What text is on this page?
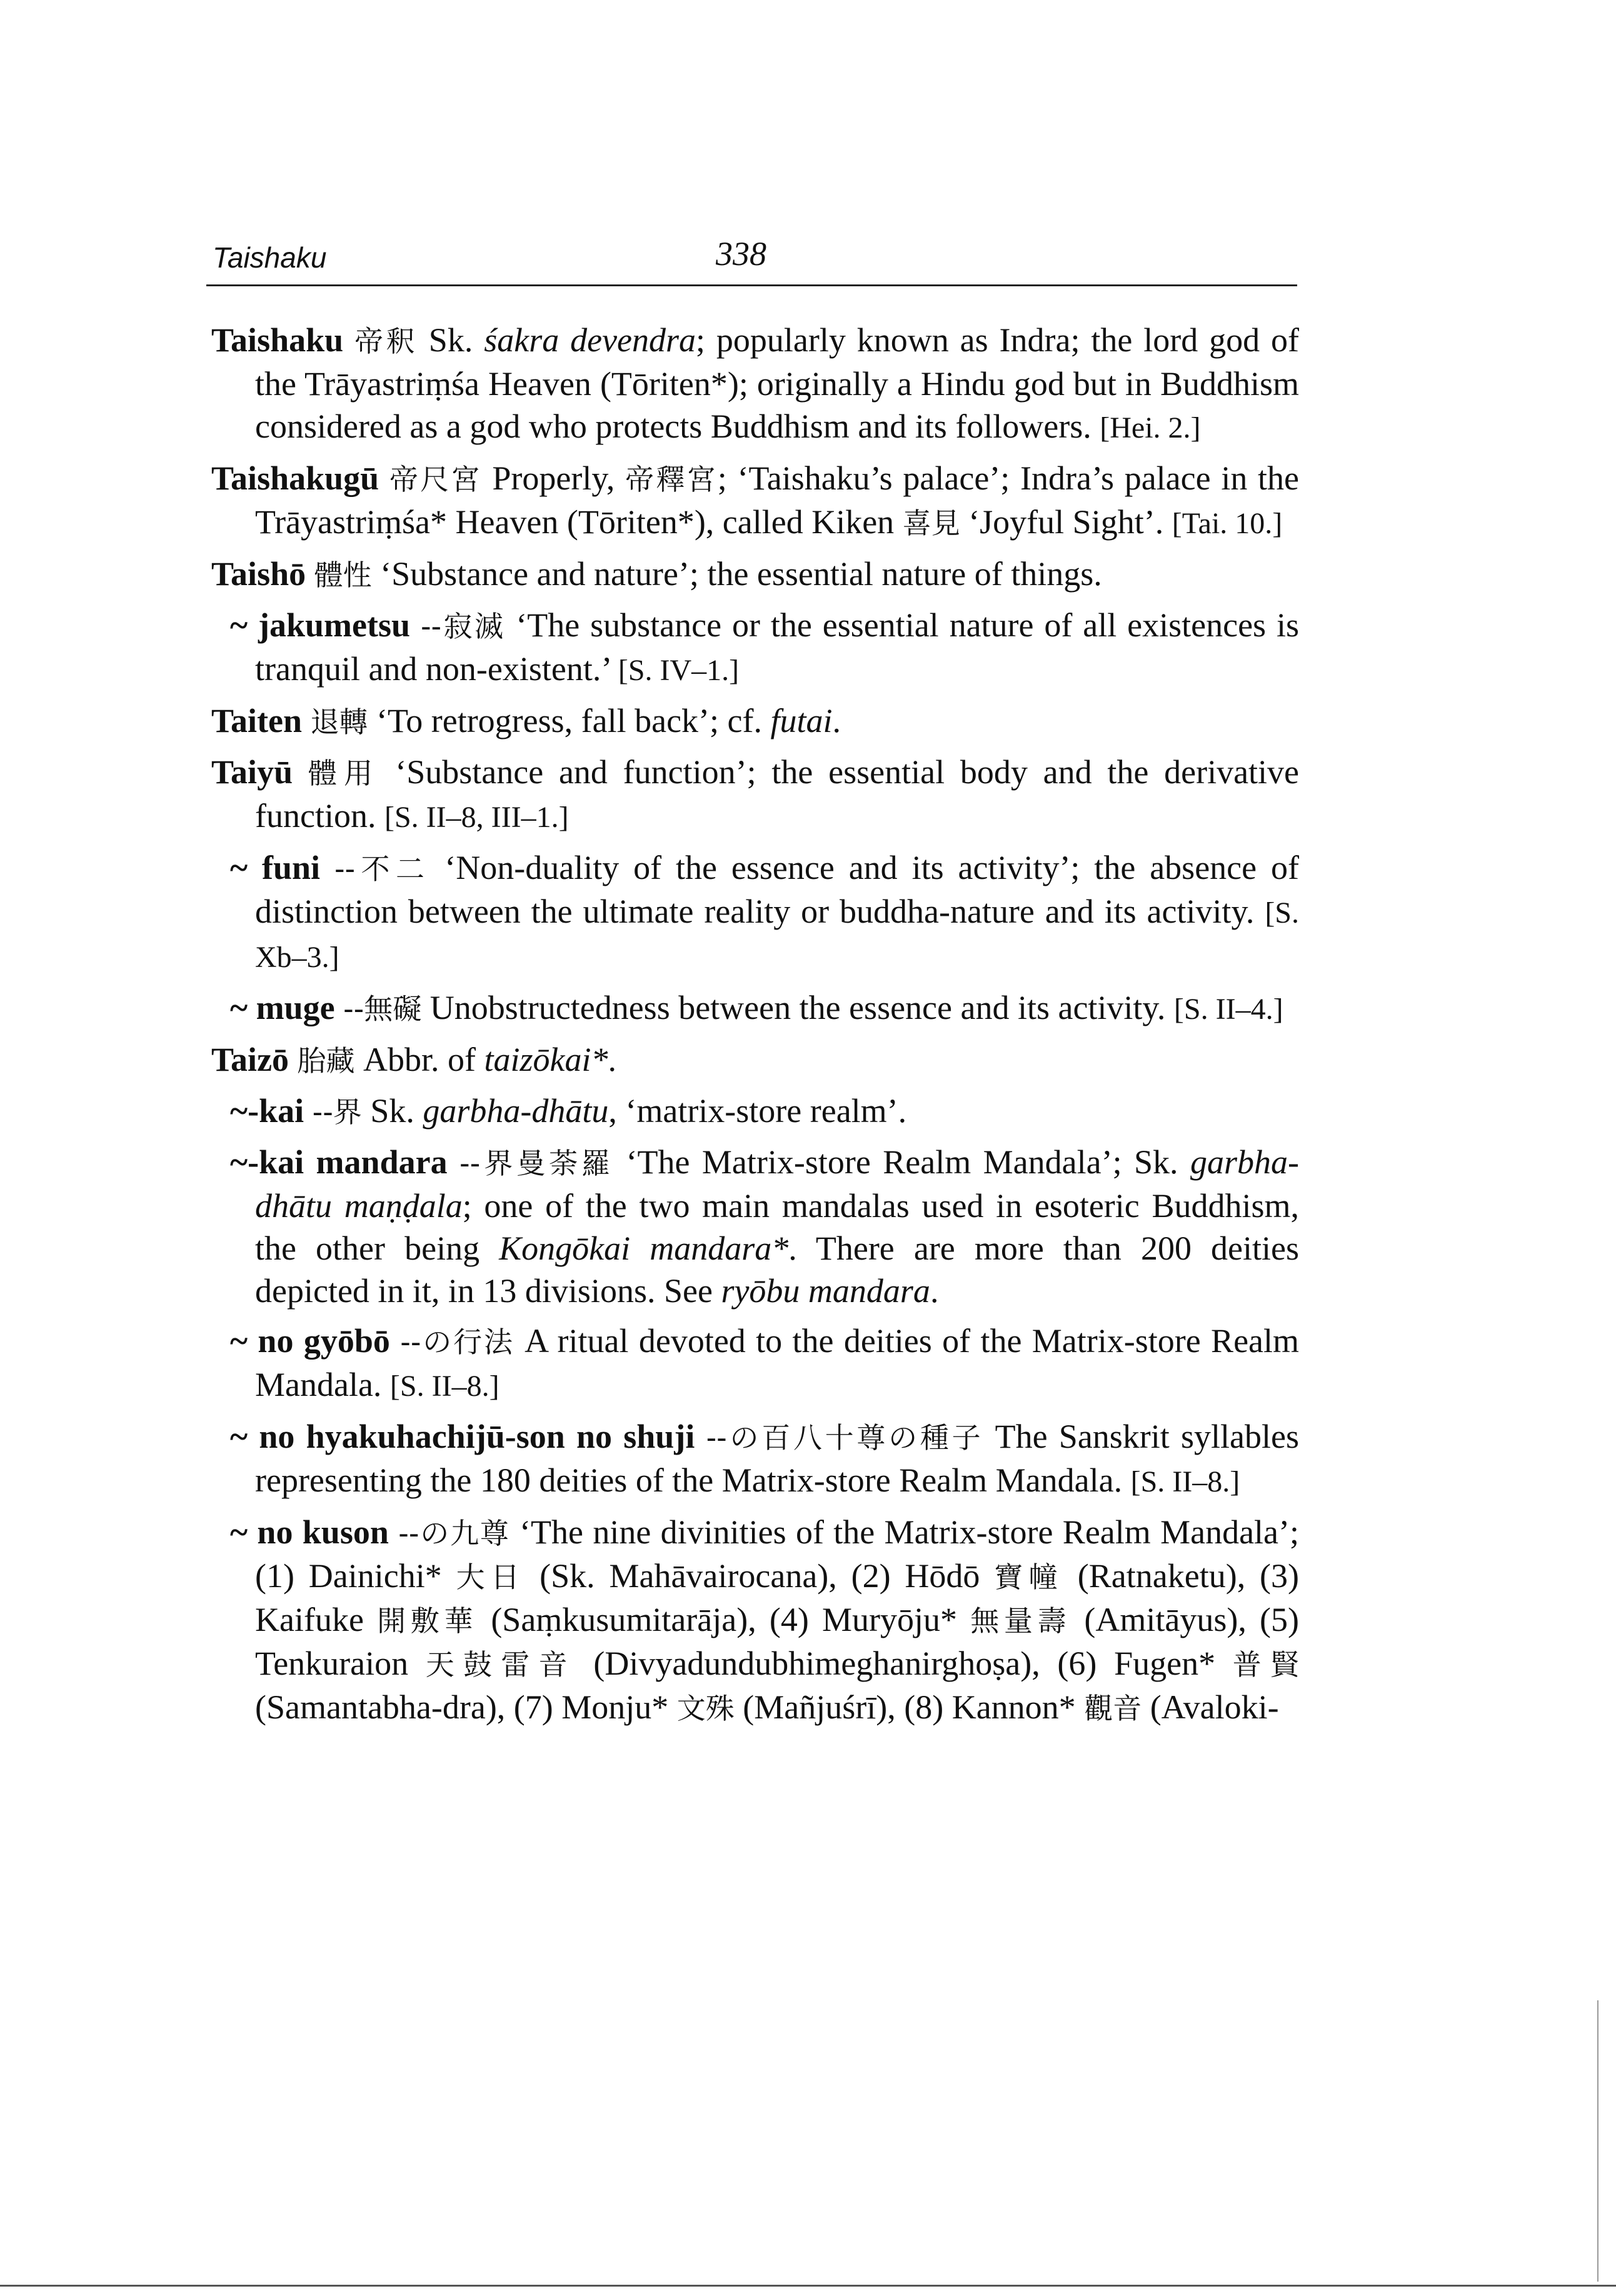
Taishaku	338

Taishaku 帝釈 Sk. śakra devendra; popularly known as Indra; the lord god of the Trāyastriṃśa Heaven (Tōriten*); originally a Hindu god but in Buddhism considered as a god who protects Buddhism and its followers. [Hei. 2.]

Taishakugū 帝尺宮 Properly, 帝釋宮; ‘Taishaku’s palace’; Indra’s palace in the Trāyastriṃśa* Heaven (Tōriten*), called Kiken 喜見 ‘Joyful Sight’. [Tai. 10.]

Taishō 體性 ‘Substance and nature’; the essential nature of things.

~ jakumetsu --寂滅 ‘The substance or the essential nature of all existences is tranquil and non-existent.’ [S. IV–1.]

Taiten 退轉 ‘To retrogress, fall back’; cf. futai.

Taiyū 體用 ‘Substance and function’; the essential body and the derivative function. [S. II–8, III–1.]

~ funi --不二 ‘Non-duality of the essence and its activity’; the absence of distinction between the ultimate reality or buddha-nature and its activity. [S. Xb–3.]

~ muge --無礙 Unobstructedness between the essence and its activity. [S. II–4.]

Taizō 胎藏 Abbr. of taizōkai*.

~-kai --界 Sk. garbha-dhātu, ‘matrix-store realm’.

~-kai mandara --界曼荼羅 ‘The Matrix-store Realm Mandala’; Sk. garbha-dhātu maṇḍala; one of the two main mandalas used in esoteric Buddhism, the other being Kongōkai mandara*. There are more than 200 deities depicted in it, in 13 divisions. See ryōbu mandara.

~ no gyōbō --の行法 A ritual devoted to the deities of the Matrix-store Realm Mandala. [S. II–8.]

~ no hyakuhachijū-son no shuji --の百八十尊の種子 The Sanskrit syllables representing the 180 deities of the Matrix-store Realm Mandala. [S. II–8.]

~ no kuson --の九尊 ‘The nine divinities of the Matrix-store Realm Mandala’; (1) Dainichi* 大日 (Sk. Mahāvairocana), (2) Hōdō 寶幢 (Ratnaketu), (3) Kaifuke 開敷華 (Saṃkusumitarāja), (4) Muryōju* 無量壽 (Amitāyus), (5) Tenkuraion 天鼓雷音 (Divyadundubhimeghanirghoṣa), (6) Fugen* 普賢 (Samantabha-dra), (7) Monju* 文殊 (Mañjuśrī), (8) Kannon* 觀音 (Avaloki-
